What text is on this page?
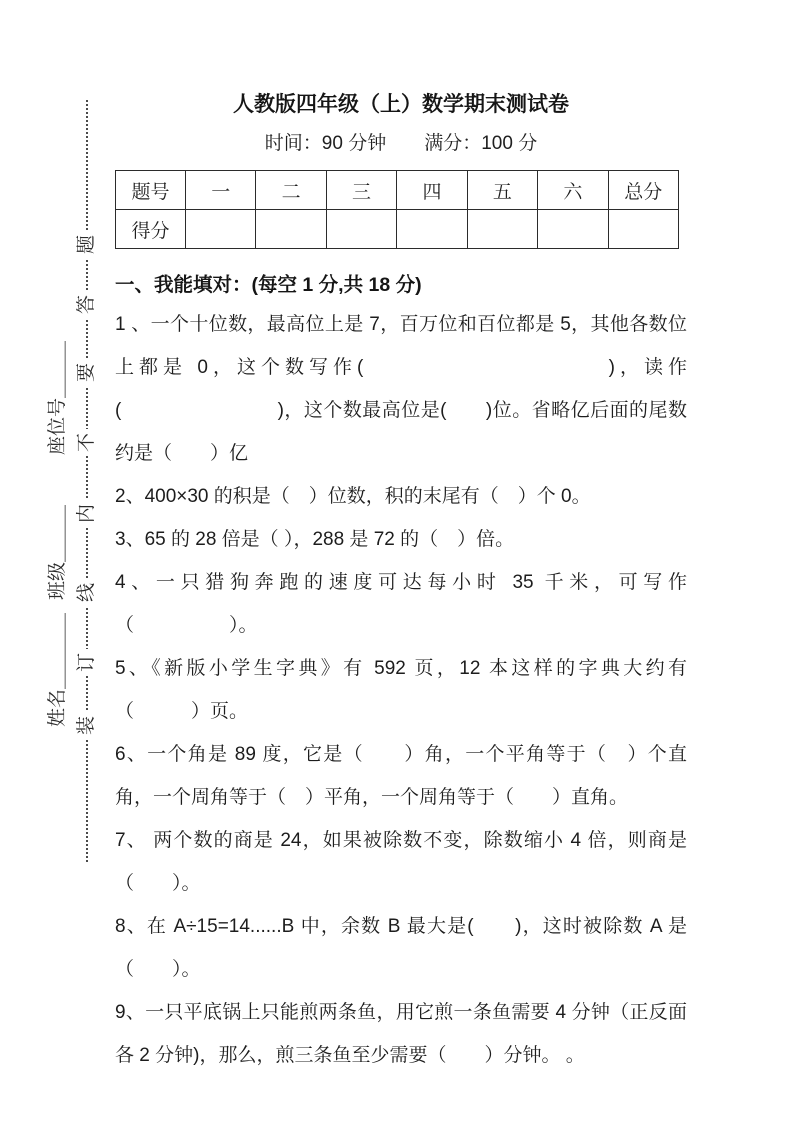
题
答
要
不
内
线
订
装
座位号＿＿＿
班级＿＿＿
姓名＿＿＿＿
人教版四年级（上）数学期末测试卷
时间：90 分钟　　满分：100 分
题号	一	二	三	四	五	六	总分
得分							
一、我能填对：(每空 1 分,共 18 分)

1 、一个十位数，最高位上是 7，百万位和百位都是 5，其他各数位上都是 0，这个数写作(　　　　　　　　　　)，读作(　　　　　　　　)，这个数最高位是(　　)位。省略亿后面的尾数约是（　　）亿

2、400×30 的积是（　）位数，积的末尾有（　）个 0。

3、65 的 28 倍是（ ），288 是 72 的（　）倍。

4、一只猎狗奔跑的速度可达每小时 35 千米，可写作（　　　　　）。

5、《新版小学生字典》有 592 页，12 本这样的字典大约有（　　　）页。

6、一个角是 89 度，它是（　　）角，一个平角等于（　）个直角，一个周角等于（　）平角，一个周角等于（　　）直角。

7、 两个数的商是 24，如果被除数不变，除数缩小 4 倍，则商是（　　）。

8、在 A÷15=14......B 中，余数 B 最大是(　　)，这时被除数 A 是（　　）。

9、一只平底锅上只能煎两条鱼，用它煎一条鱼需要 4 分钟（正反面各 2 分钟)，那么，煎三条鱼至少需要（　　）分钟。 。
